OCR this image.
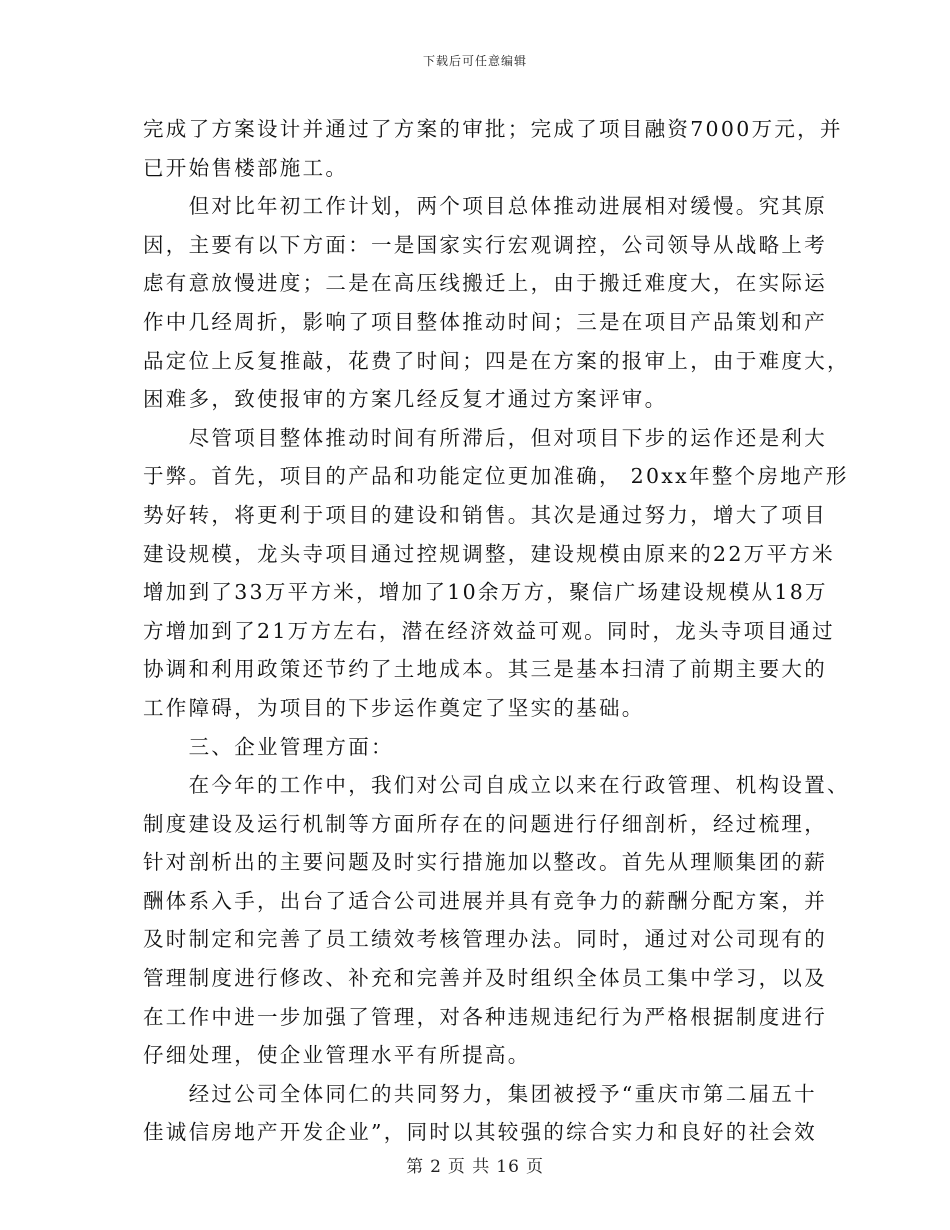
下载后可任意编辑
完成了方案设计并通过了方案的审批；完成了项目融资7000万元，并
已开始售楼部施工。
　　但对比年初工作计划，两个项目总体推动进展相对缓慢。究其原
因，主要有以下方面：一是国家实行宏观调控，公司领导从战略上考
虑有意放慢进度；二是在高压线搬迁上，由于搬迁难度大，在实际运
作中几经周折，影响了项目整体推动时间；三是在项目产品策划和产
品定位上反复推敲，花费了时间；四是在方案的报审上，由于难度大，
困难多，致使报审的方案几经反复才通过方案评审。
　　尽管项目整体推动时间有所滞后，但对项目下步的运作还是利大
于弊。首先，项目的产品和功能定位更加准确， 20xx年整个房地产形
势好转，将更利于项目的建设和销售。其次是通过努力，增大了项目
建设规模，龙头寺项目通过控规调整，建设规模由原来的22万平方米
增加到了33万平方米，增加了10余万方，聚信广场建设规模从18万
方增加到了21万方左右，潜在经济效益可观。同时，龙头寺项目通过
协调和利用政策还节约了土地成本。其三是基本扫清了前期主要大的
工作障碍，为项目的下步运作奠定了坚实的基础。
　　三、企业管理方面：
　　在今年的工作中，我们对公司自成立以来在行政管理、机构设置、
制度建设及运行机制等方面所存在的问题进行仔细剖析，经过梳理，
针对剖析出的主要问题及时实行措施加以整改。首先从理顺集团的薪
酬体系入手，出台了适合公司进展并具有竞争力的薪酬分配方案，并
及时制定和完善了员工绩效考核管理办法。同时，通过对公司现有的
管理制度进行修改、补充和完善并及时组织全体员工集中学习，以及
在工作中进一步加强了管理，对各种违规违纪行为严格根据制度进行
仔细处理，使企业管理水平有所提高。
　　经过公司全体同仁的共同努力，集团被授予“重庆市第二届五十
佳诚信房地产开发企业”，同时以其较强的综合实力和良好的社会效
第 2 页 共 16 页
